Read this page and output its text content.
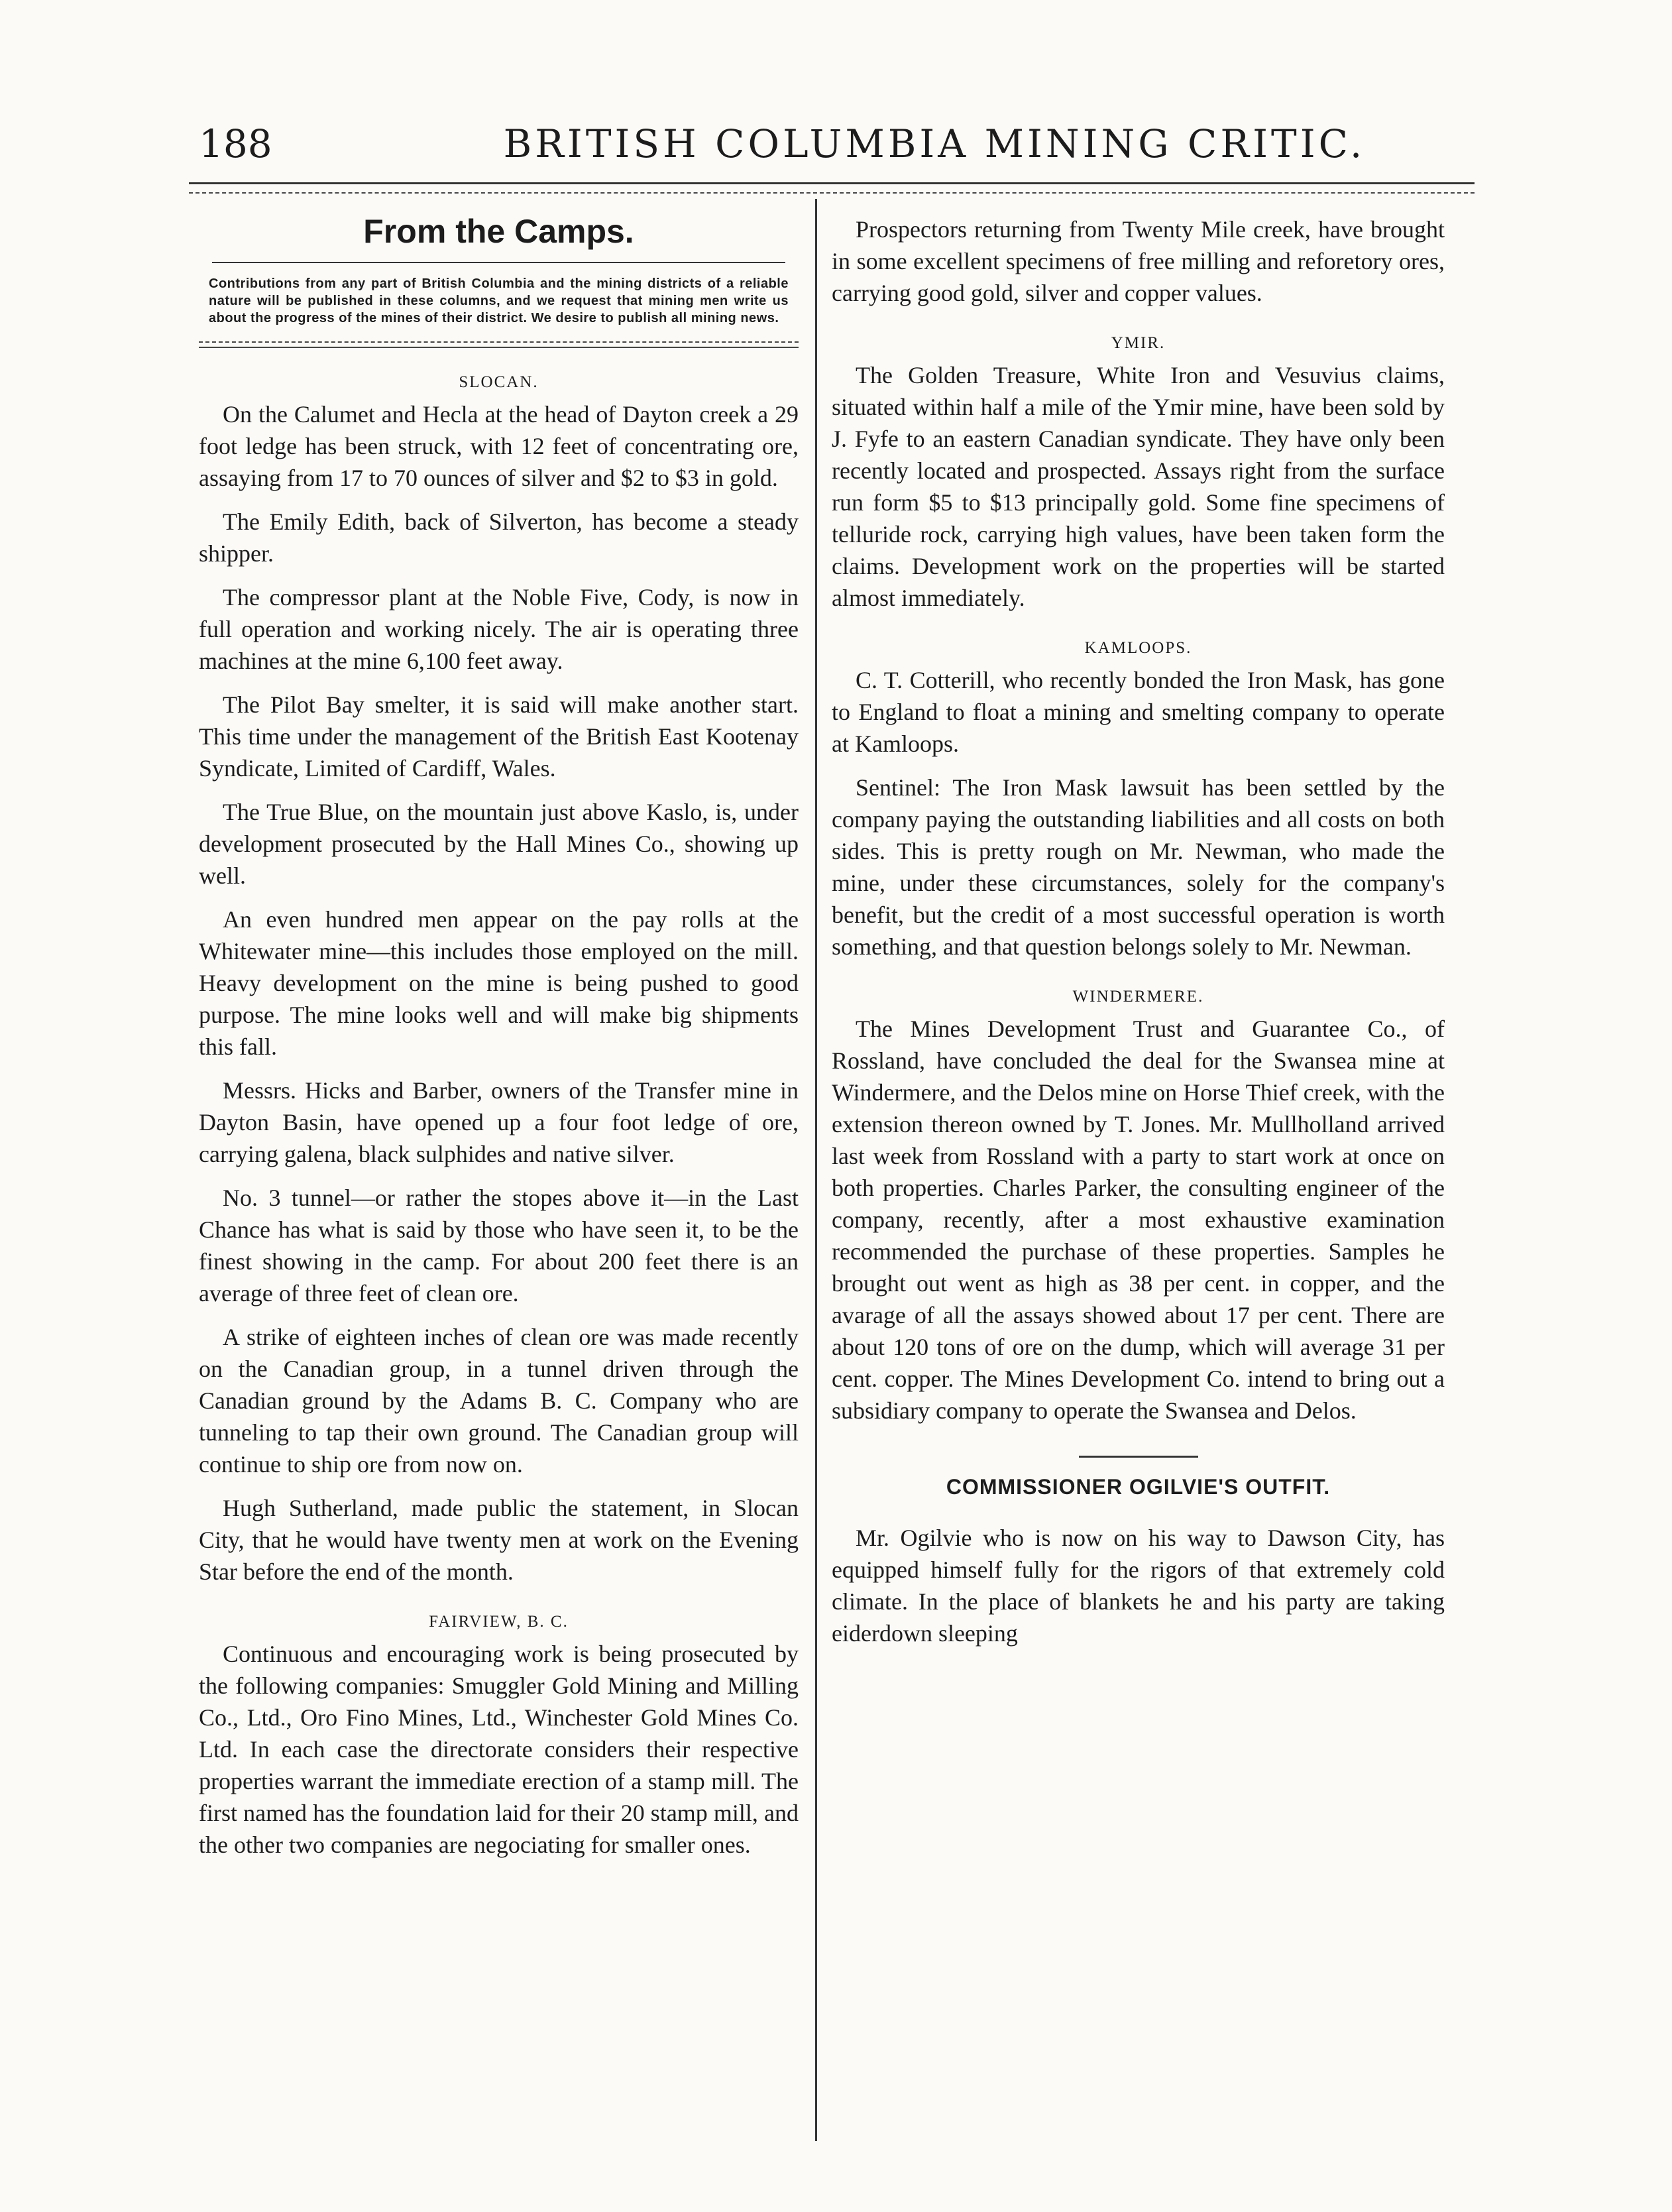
188	BRITISH COLUMBIA MINING CRITIC.
From the Camps.
Contributions from any part of British Columbia and the mining districts of a reliable nature will be published in these columns, and we request that mining men write us about the progress of the mines of their district. We desire to publish all mining news.
SLOCAN.

On the Calumet and Hecla at the head of Dayton creek a 29 foot ledge has been struck, with 12 feet of concentrating ore, assaying from 17 to 70 ounces of silver and $2 to $3 in gold.

The Emily Edith, back of Silverton, has become a steady shipper.

The compressor plant at the Noble Five, Cody, is now in full operation and working nicely. The air is operating three machines at the mine 6,100 feet away.

The Pilot Bay smelter, it is said will make another start. This time under the management of the British East Kootenay Syndicate, Limited of Cardiff, Wales.

The True Blue, on the mountain just above Kaslo, is, under development prosecuted by the Hall Mines Co., showing up well.

An even hundred men appear on the pay rolls at the Whitewater mine—this includes those employed on the mill. Heavy development on the mine is being pushed to good purpose. The mine looks well and will make big shipments this fall.

Messrs. Hicks and Barber, owners of the Transfer mine in Dayton Basin, have opened up a four foot ledge of ore, carrying galena, black sulphides and native silver.

No. 3 tunnel—or rather the stopes above it—in the Last Chance has what is said by those who have seen it, to be the finest showing in the camp. For about 200 feet there is an average of three feet of clean ore.

A strike of eighteen inches of clean ore was made recently on the Canadian group, in a tunnel driven through the Canadian ground by the Adams B. C. Company who are tunneling to tap their own ground. The Canadian group will continue to ship ore from now on.

Hugh Sutherland, made public the statement, in Slocan City, that he would have twenty men at work on the Evening Star before the end of the month.

FAIRVIEW, B. C.

Continuous and encouraging work is being prosecuted by the following companies: Smuggler Gold Mining and Milling Co., Ltd., Oro Fino Mines, Ltd., Winchester Gold Mines Co. Ltd. In each case the directorate considers their respective properties warrant the immediate erection of a stamp mill. The first named has the foundation laid for their 20 stamp mill, and the other two companies are negociating for smaller ones.

Prospectors returning from Twenty Mile creek, have brought in some excellent specimens of free milling and reforetory ores, carrying good gold, silver and copper values.

YMIR.

The Golden Treasure, White Iron and Vesuvius claims, situated within half a mile of the Ymir mine, have been sold by J. Fyfe to an eastern Canadian syndicate. They have only been recently located and prospected. Assays right from the surface run form $5 to $13 principally gold. Some fine specimens of telluride rock, carrying high values, have been taken form the claims. Development work on the properties will be started almost immediately.

KAMLOOPS.

C. T. Cotterill, who recently bonded the Iron Mask, has gone to England to float a mining and smelting company to operate at Kamloops.

Sentinel: The Iron Mask lawsuit has been settled by the company paying the outstanding liabilities and all costs on both sides. This is pretty rough on Mr. Newman, who made the mine, under these circumstances, solely for the company's benefit, but the credit of a most successful operation is worth something, and that question belongs solely to Mr. Newman.

WINDERMERE.

The Mines Development Trust and Guarantee Co., of Rossland, have concluded the deal for the Swansea mine at Windermere, and the Delos mine on Horse Thief creek, with the extension thereon owned by T. Jones. Mr. Mullholland arrived last week from Rossland with a party to start work at once on both properties. Charles Parker, the consulting engineer of the company, recently, after a most exhaustive examination recommended the purchase of these properties. Samples he brought out went as high as 38 per cent. in copper, and the avarage of all the assays showed about 17 per cent. There are about 120 tons of ore on the dump, which will average 31 per cent. copper. The Mines Development Co. intend to bring out a subsidiary company to operate the Swansea and Delos.

COMMISSIONER OGILVIE'S OUTFIT.

Mr. Ogilvie who is now on his way to Dawson City, has equipped himself fully for the rigors of that extremely cold climate. In the place of blankets he and his party are taking eiderdown sleeping
